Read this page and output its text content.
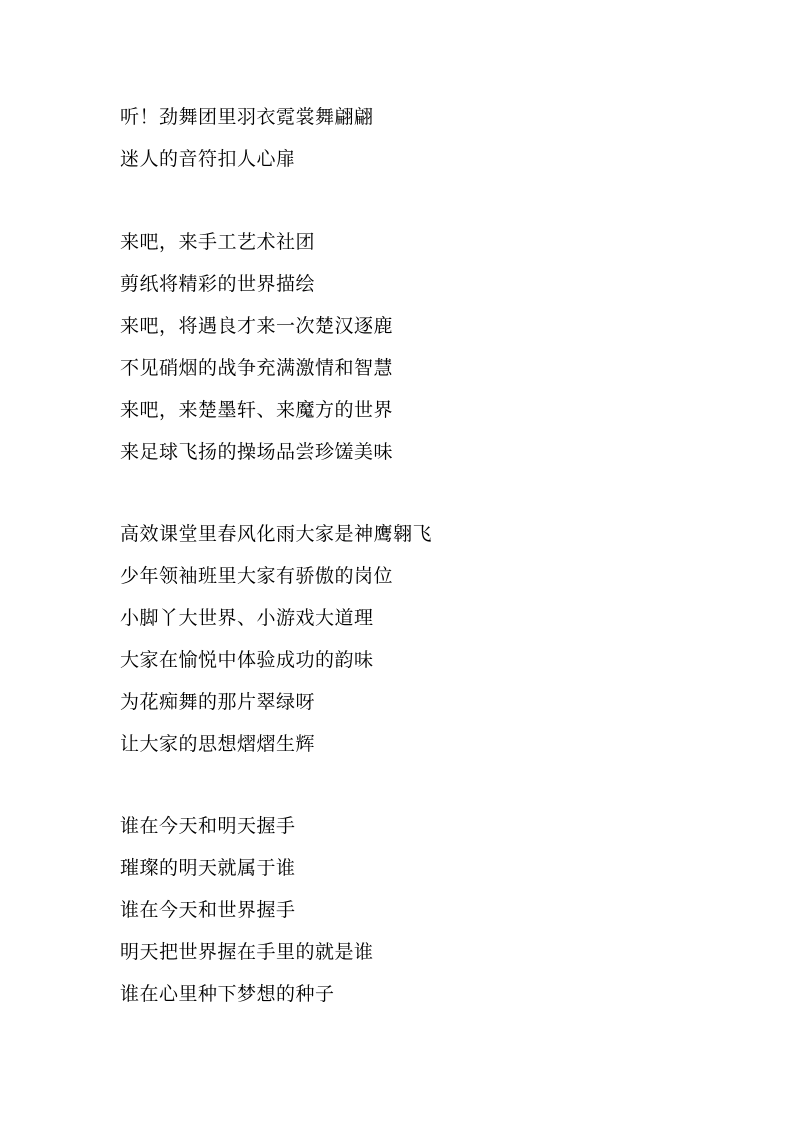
听！劲舞团里羽衣霓裳舞翩翩
迷人的音符扣人心扉
来吧，来手工艺术社团
剪纸将精彩的世界描绘
来吧，将遇良才来一次楚汉逐鹿
不见硝烟的战争充满激情和智慧
来吧，来楚墨轩、来魔方的世界
来足球飞扬的操场品尝珍馐美味
高效课堂里春风化雨大家是神鹰翱飞
少年领袖班里大家有骄傲的岗位
小脚丫大世界、小游戏大道理
大家在愉悦中体验成功的韵味
为花痴舞的那片翠绿呀
让大家的思想熠熠生辉
谁在今天和明天握手
璀璨的明天就属于谁
谁在今天和世界握手
明天把世界握在手里的就是谁
谁在心里种下梦想的种子
